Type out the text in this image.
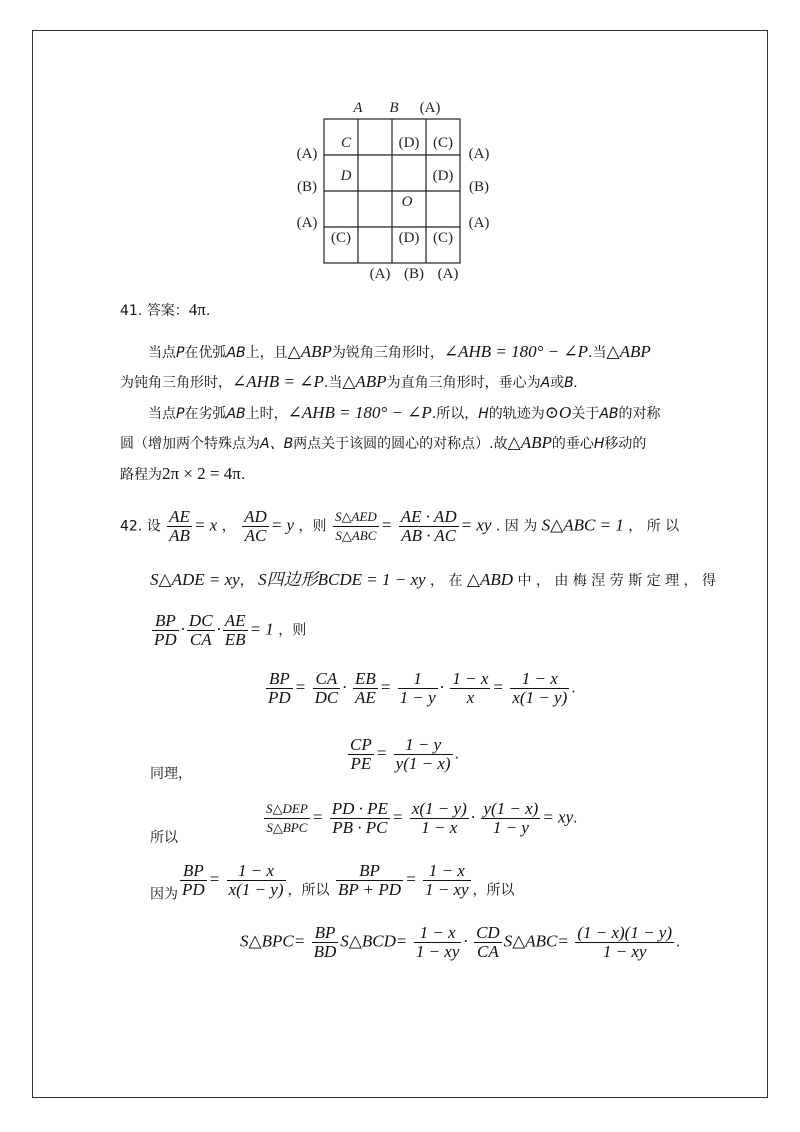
A B (A)
(A) (B) (A)
(A)
(B)
(A)
(A)
(B)
(A)
C	(D) (C)
D	(D)
O
(C)	(D) (C)
41. 答案：4π.
当点P在优弧AB上，且△ABP为锐角三角形时，∠AHB = 180° − ∠P.当△ABP
为钝角三角形时，∠AHB = ∠P.当△ABP为直角三角形时，垂心为A或B.
当点P在劣弧AB上时，∠AHB = 180° − ∠P.所以，H的轨迹为⊙O关于AB的对称
圆（增加两个特殊点为A、B两点关于该圆的圆心的对称点）.故△ABP的垂心H移动的
路程为2π × 2 = 4π.
42. 设 $\frac{AE}{AB} = x$ ， $\frac{AD}{AC} = y$ ，则 $\frac{\text{S△AED}}{\text{S△ABC}} = \frac{AE \cdot AD}{AB \cdot AC}$ = xy . 因 为 S△ABC = 1 ， 所 以
S△ADE = xy， S四边形BCDE = 1 − xy ， 在 △ABD 中 ， 由 梅 涅 劳 斯 定 理 ， 得
$\frac{BP}{PD} \cdot \frac{DC}{CA} \cdot \frac{AE}{EB} = 1$ ，则
$\frac{BP}{PD} = \frac{CA}{DC} \cdot \frac{EB}{AE} = \frac{1}{1 - y} \cdot \frac{1 - x}{x} = \frac{1 - x}{x(1 - y)}$ .
同理，
$\frac{CP}{PE} = \frac{1 - y}{y(1 - x)}$ .
所以
$\frac{\text{S△DEP}}{\text{S△BPC}} = \frac{PD \cdot PE}{PB \cdot PC} = \frac{x(1 - y)}{1 - x} \cdot \frac{y(1 - x)}{1 - y}$ = xy.
因为 $\frac{BP}{PD} = \frac{1 - x}{x(1 - y)}$ ，所以 $\frac{BP}{BP + PD} = \frac{1 - x}{1 - xy}$ ，所以
S△BPC= $\frac{BP}{BD}$ S△BCD= $\frac{1 - x}{1 - xy} \cdot \frac{CD}{CA}$ S△ABC= $\frac{(1 - x)(1 - y)}{1 - xy}$ .
